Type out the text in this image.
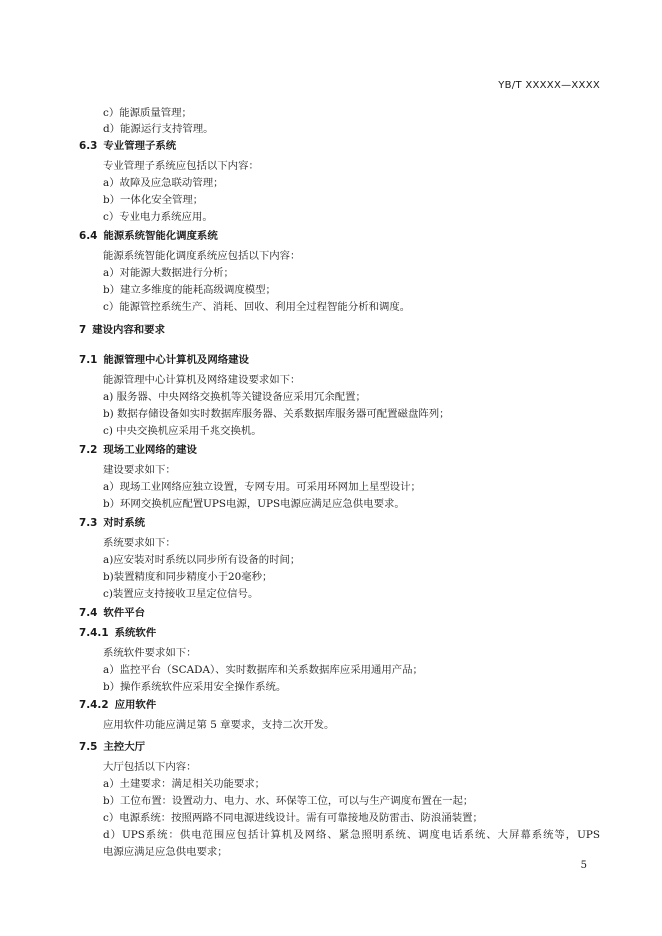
YB/T XXXXX—XXXX
c）能源质量管理；
d）能源运行支持管理。
6.3 专业管理子系统
专业管理子系统应包括以下内容：
a）故障及应急联动管理；
b）一体化安全管理；
c）专业电力系统应用。
6.4 能源系统智能化调度系统
能源系统智能化调度系统应包括以下内容：
a）对能源大数据进行分析；
b）建立多维度的能耗高级调度模型；
c）能源管控系统生产、消耗、回收、利用全过程智能分析和调度。
7 建设内容和要求
7.1 能源管理中心计算机及网络建设
能源管理中心计算机及网络建设要求如下：
a) 服务器、中央网络交换机等关键设备应采用冗余配置；
b) 数据存储设备如实时数据库服务器、关系数据库服务器可配置磁盘阵列；
c) 中央交换机应采用千兆交换机。
7.2 现场工业网络的建设
建设要求如下：
a）现场工业网络应独立设置，专网专用。可采用环网加上星型设计；
b）环网交换机应配置UPS电源，UPS电源应满足应急供电要求。
7.3 对时系统
系统要求如下：
a)应安装对时系统以同步所有设备的时间；
b)装置精度和同步精度小于20毫秒；
c)装置应支持接收卫星定位信号。
7.4 软件平台
7.4.1 系统软件
系统软件要求如下：
a）监控平台（SCADA）、实时数据库和关系数据库应采用通用产品；
b）操作系统软件应采用安全操作系统。
7.4.2 应用软件
应用软件功能应满足第 5 章要求，支持二次开发。
7.5 主控大厅
大厅包括以下内容：
a）土建要求：满足相关功能要求；
b）工位布置：设置动力、电力、水、环保等工位，可以与生产调度布置在一起；
c）电源系统：按照两路不同电源进线设计。需有可靠接地及防雷击、防浪涌装置；
d）UPS系统：供电范围应包括计算机及网络、紧急照明系统、调度电话系统、大屏幕系统等，UPS
电源应满足应急供电要求；
5
